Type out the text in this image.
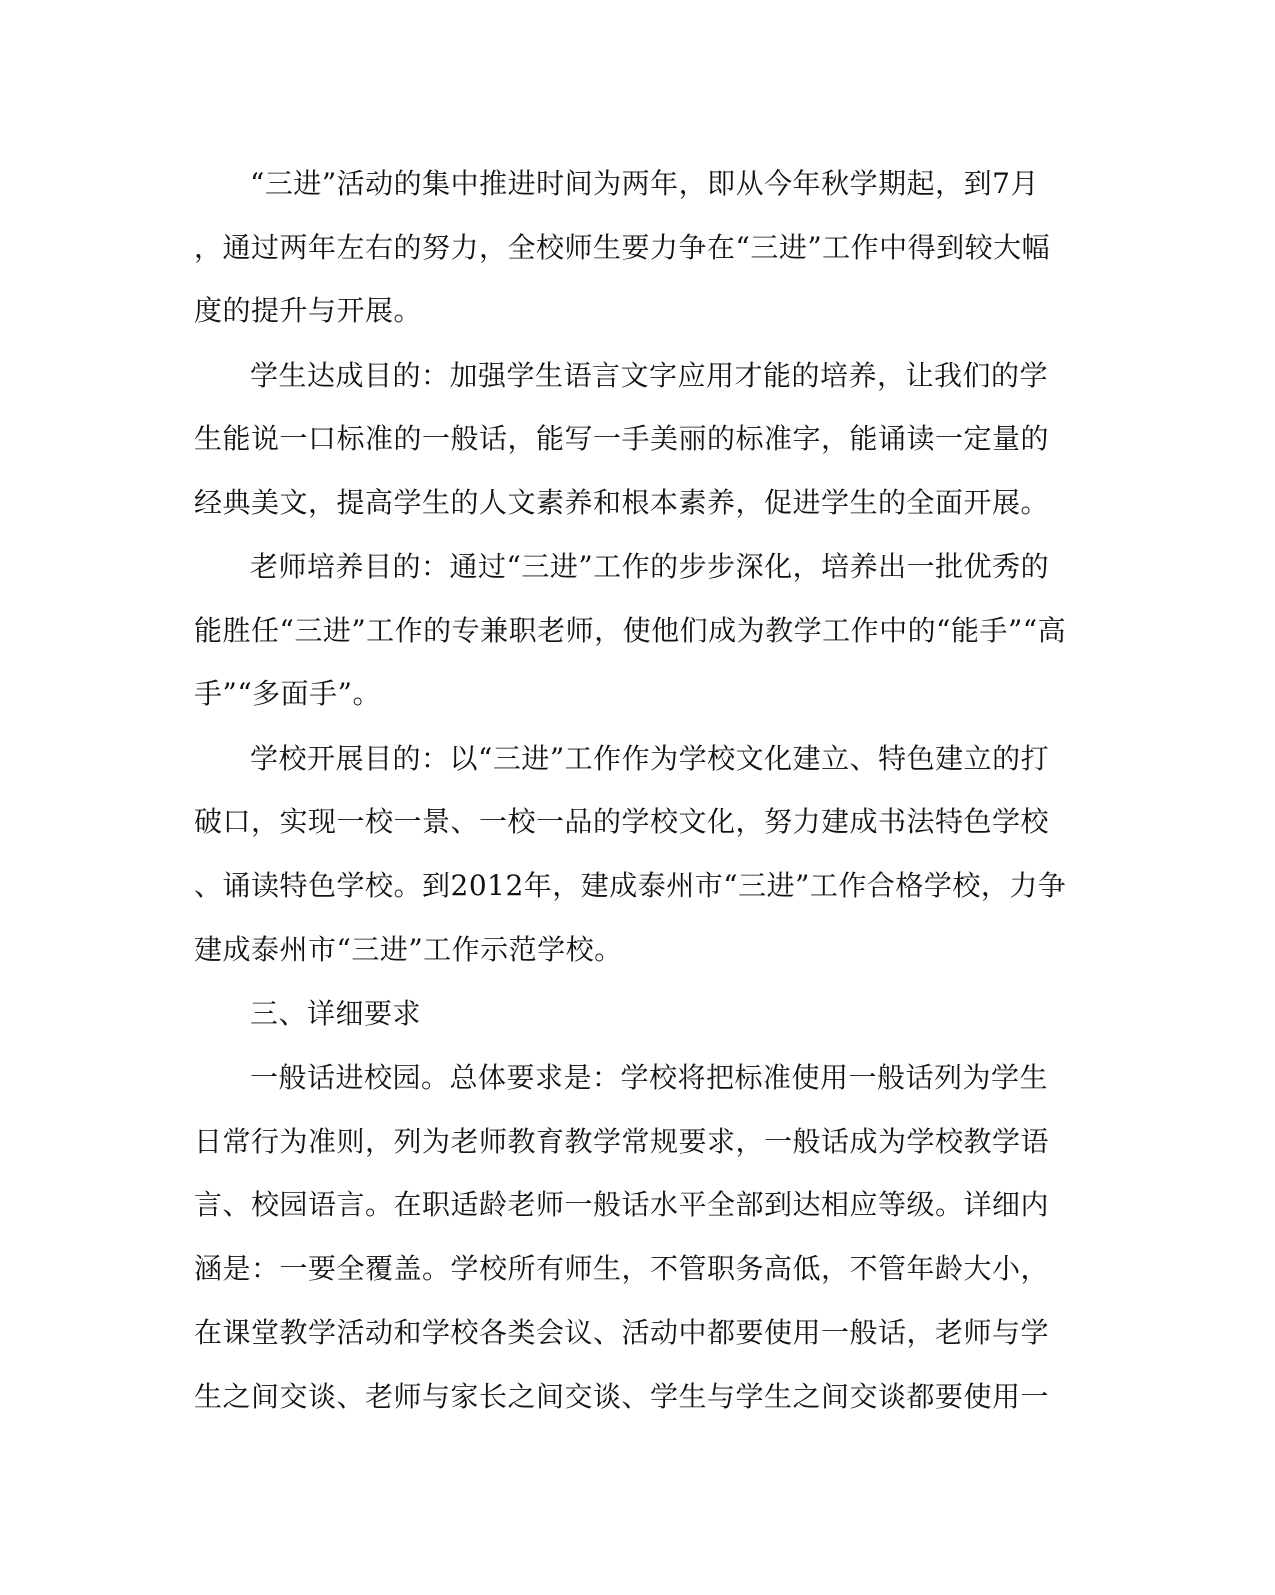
“三进”活动的集中推进时间为两年，即从今年秋学期起，到7月
，通过两年左右的努力，全校师生要力争在“三进”工作中得到较大幅
度的提升与开展。
学生达成目的：加强学生语言文字应用才能的培养，让我们的学
生能说一口标准的一般话，能写一手美丽的标准字，能诵读一定量的
经典美文，提高学生的人文素养和根本素养，促进学生的全面开展。
老师培养目的：通过“三进”工作的步步深化，培养出一批优秀的
能胜任“三进”工作的专兼职老师，使他们成为教学工作中的“能手”“高
手”“多面手”。
学校开展目的：以“三进”工作作为学校文化建立、特色建立的打
破口，实现一校一景、一校一品的学校文化，努力建成书法特色学校
、诵读特色学校。到2012年，建成泰州市“三进”工作合格学校，力争
建成泰州市“三进”工作示范学校。
三、详细要求
一般话进校园。总体要求是：学校将把标准使用一般话列为学生
日常行为准则，列为老师教育教学常规要求，一般话成为学校教学语
言、校园语言。在职适龄老师一般话水平全部到达相应等级。详细内
涵是：一要全覆盖。学校所有师生，不管职务高低，不管年龄大小，
在课堂教学活动和学校各类会议、活动中都要使用一般话，老师与学
生之间交谈、老师与家长之间交谈、学生与学生之间交谈都要使用一
